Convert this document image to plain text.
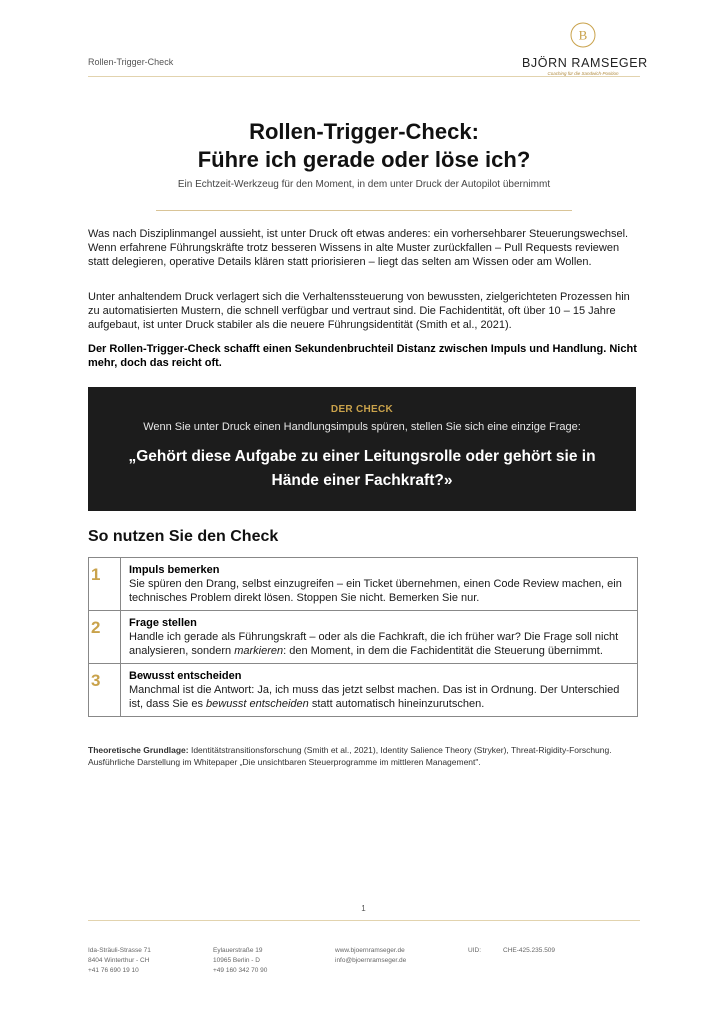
Rollen-Trigger-Check
B
BJÖRN RAMSEGER
Coaching für die Sandwich-Position
Rollen-Trigger-Check:
Führe ich gerade oder löse ich?
Ein Echtzeit-Werkzeug für den Moment, in dem unter Druck der Autopilot übernimmt
Was nach Disziplinmangel aussieht, ist unter Druck oft etwas anderes: ein vorhersehbarer Steuerungswechsel. Wenn erfahrene Führungskräfte trotz besseren Wissens in alte Muster zurückfallen – Pull Requests reviewen statt delegieren, operative Details klären statt priorisieren – liegt das selten am Wissen oder am Wollen.
Unter anhaltendem Druck verlagert sich die Verhaltenssteuerung von bewussten, zielgerichteten Prozessen hin zu automatisierten Mustern, die schnell verfügbar und vertraut sind. Die Fachidentität, oft über 10 – 15 Jahre aufgebaut, ist unter Druck stabiler als die neuere Führungsidentität (Smith et al., 2021).
Der Rollen-Trigger-Check schafft einen Sekundenbruchteil Distanz zwischen Impuls und Handlung. Nicht mehr, doch das reicht oft.
DER CHECK
Wenn Sie unter Druck einen Handlungsimpuls spüren, stellen Sie sich eine einzige Frage:
„Gehört diese Aufgabe zu einer Leitungsrolle oder gehört sie in Hände einer Fachkraft?»
So nutzen Sie den Check
1	Impuls bemerken
Sie spüren den Drang, selbst einzugreifen – ein Ticket übernehmen, einen Code Review machen, ein technisches Problem direkt lösen. Stoppen Sie nicht. Bemerken Sie nur.
2	Frage stellen
Handle ich gerade als Führungskraft – oder als die Fachkraft, die ich früher war? Die Frage soll nicht analysieren, sondern markieren: den Moment, in dem die Fachidentität die Steuerung übernimmt.
3	Bewusst entscheiden
Manchmal ist die Antwort: Ja, ich muss das jetzt selbst machen. Das ist in Ordnung. Der Unterschied ist, dass Sie es bewusst entscheiden statt automatisch hineinzurutschen.
Theoretische Grundlage: Identitätstransitionsforschung (Smith et al., 2021), Identity Salience Theory (Stryker), Threat-Rigidity-Forschung. Ausführliche Darstellung im Whitepaper „Die unsichtbaren Steuerprogramme im mittleren Management".
1
Ida-Sträuli-Strasse 71
8404 Winterthur - CH
+41 76 690 19 10
Eylauerstraße 19
10965 Berlin - D
+49 160 342 70 90
www.bjoernramseger.de
info@bjoernramseger.de
UID:	CHE-425.235.509
